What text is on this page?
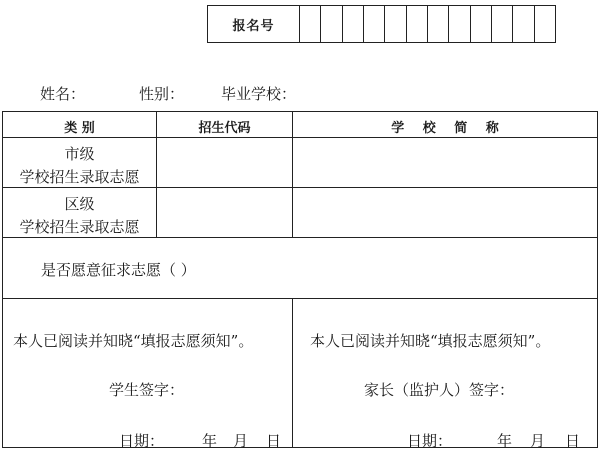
报名号
姓名：	性别： 毕业学校：
类 别	招生代码	学 校 简 称
市级
学校招生录取志愿
区级
学校招生录取志愿
是否愿意征求志愿（ ）
本人已阅读并知晓“填报志愿须知”。
学生签字：
日期：	年 月 日
本人已阅读并知晓“填报志愿须知”。
家长（监护人）签字：
日期：	年 月 日
